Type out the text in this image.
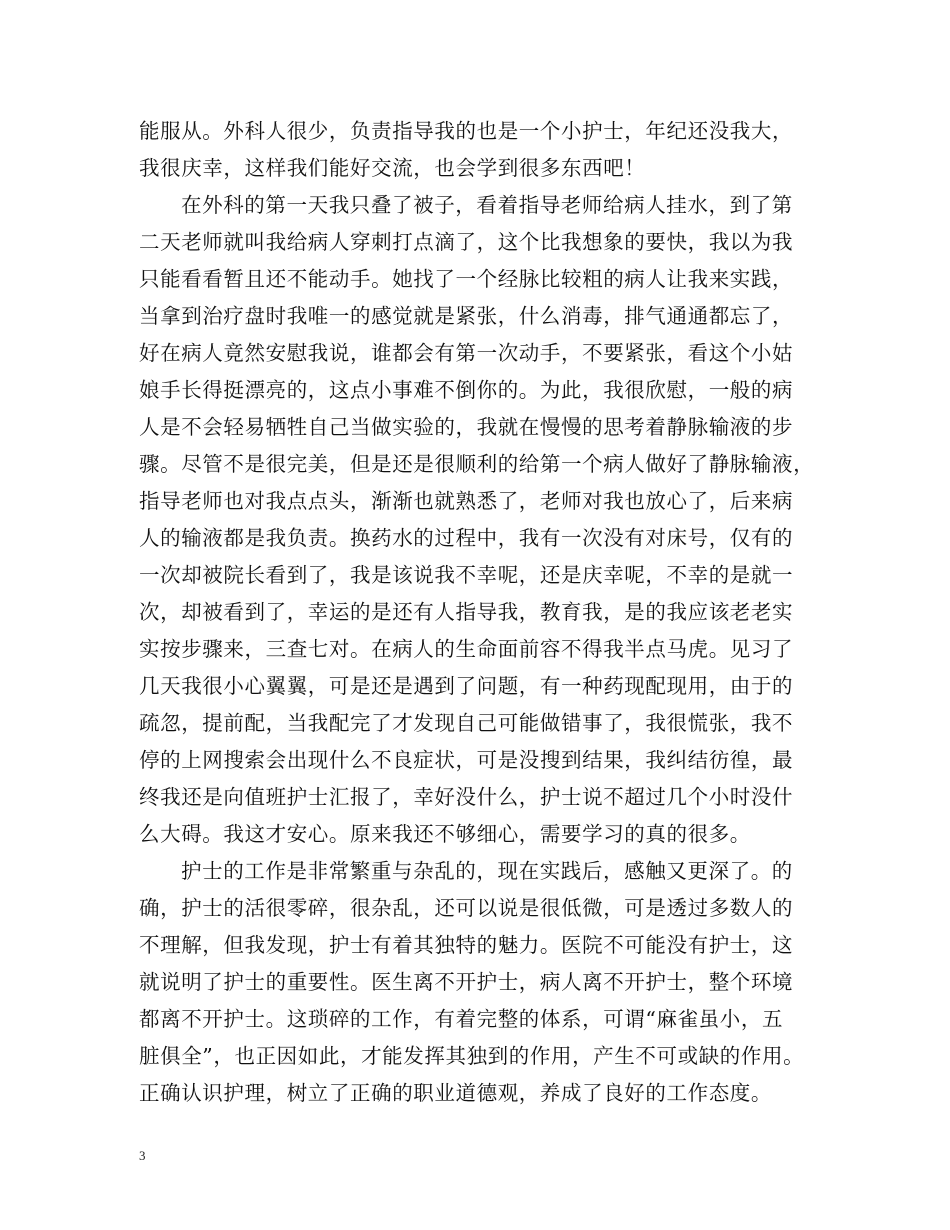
能服从。外科人很少，负责指导我的也是一个小护士，年纪还没我大，
我很庆幸，这样我们能好交流，也会学到很多东西吧！
在外科的第一天我只叠了被子，看着指导老师给病人挂水，到了第
二天老师就叫我给病人穿刺打点滴了，这个比我想象的要快，我以为我
只能看看暂且还不能动手。她找了一个经脉比较粗的病人让我来实践，
当拿到治疗盘时我唯一的感觉就是紧张，什么消毒，排气通通都忘了，
好在病人竟然安慰我说，谁都会有第一次动手，不要紧张，看这个小姑
娘手长得挺漂亮的，这点小事难不倒你的。为此，我很欣慰，一般的病
人是不会轻易牺牲自己当做实验的，我就在慢慢的思考着静脉输液的步
骤。尽管不是很完美，但是还是很顺利的给第一个病人做好了静脉输液，
指导老师也对我点点头，渐渐也就熟悉了，老师对我也放心了，后来病
人的输液都是我负责。换药水的过程中，我有一次没有对床号，仅有的
一次却被院长看到了，我是该说我不幸呢，还是庆幸呢，不幸的是就一
次，却被看到了，幸运的是还有人指导我，教育我，是的我应该老老实
实按步骤来，三查七对。在病人的生命面前容不得我半点马虎。见习了
几天我很小心翼翼，可是还是遇到了问题，有一种药现配现用，由于的
疏忽，提前配，当我配完了才发现自己可能做错事了，我很慌张，我不
停的上网搜索会出现什么不良症状，可是没搜到结果，我纠结彷徨，最
终我还是向值班护士汇报了，幸好没什么，护士说不超过几个小时没什
么大碍。我这才安心。原来我还不够细心，需要学习的真的很多。
护士的工作是非常繁重与杂乱的，现在实践后，感触又更深了。的
确，护士的活很零碎，很杂乱，还可以说是很低微，可是透过多数人的
不理解，但我发现，护士有着其独特的魅力。医院不可能没有护士，这
就说明了护士的重要性。医生离不开护士，病人离不开护士，整个环境
都离不开护士。这琐碎的工作，有着完整的体系，可谓“麻雀虽小，五
脏俱全”，也正因如此，才能发挥其独到的作用，产生不可或缺的作用。
正确认识护理，树立了正确的职业道德观，养成了良好的工作态度。
3
